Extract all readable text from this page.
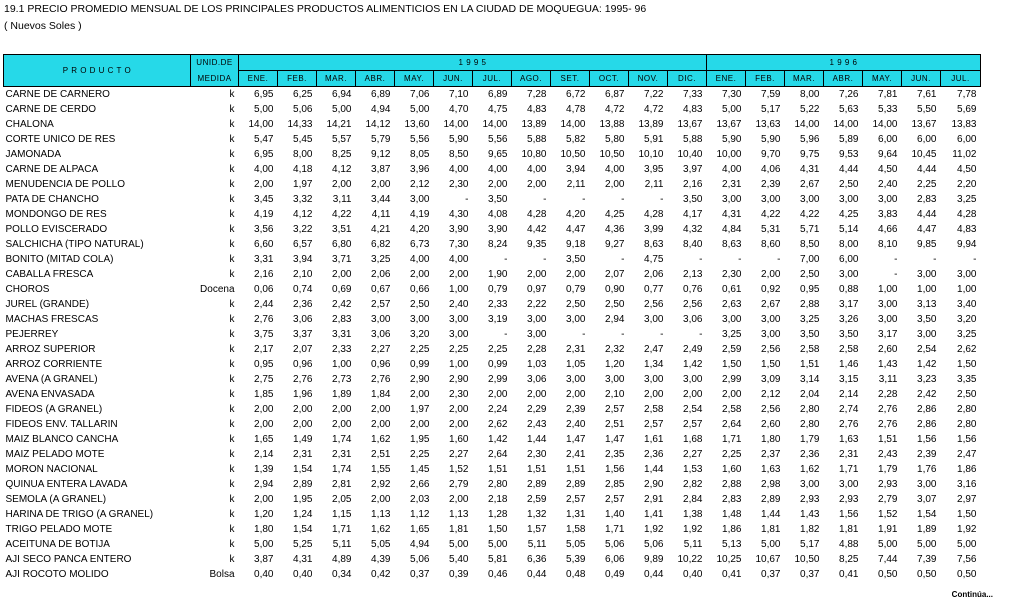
19.1 PRECIO PROMEDIO MENSUAL DE LOS PRINCIPALES PRODUCTOS ALIMENTICIOS EN LA CIUDAD DE MOQUEGUA: 1995- 96
( Nuevos Soles )
P R O D U C T O	UNID.DE	1 9 9 5												1 9 9 6						
	MEDIDA	ENE.	FEB.	MAR.	ABR.	MAY.	JUN.	JUL.	AGO.	SET.	OCT.	NOV.	DIC.	ENE.	FEB.	MAR.	ABR.	MAY.	JUN.	JUL.
CARNE DE CARNERO	k	6,95	6,25	6,94	6,89	7,06	7,10	6,89	7,28	6,72	6,87	7,22	7,33	7,30	7,59	8,00	7,26	7,81	7,61	7,78
CARNE DE CERDO	k	5,00	5,06	5,00	4,94	5,00	4,70	4,75	4,83	4,78	4,72	4,72	4,83	5,00	5,17	5,22	5,63	5,33	5,50	5,69
CHALONA	k	14,00	14,33	14,21	14,12	13,60	14,00	14,00	13,89	14,00	13,88	13,89	13,67	13,67	13,63	14,00	14,00	14,00	13,67	13,83
CORTE UNICO DE RES	k	5,47	5,45	5,57	5,79	5,56	5,90	5,56	5,88	5,82	5,80	5,91	5,88	5,90	5,90	5,96	5,89	6,00	6,00	6,00
JAMONADA	k	6,95	8,00	8,25	9,12	8,05	8,50	9,65	10,80	10,50	10,50	10,10	10,40	10,00	9,70	9,75	9,53	9,64	10,45	11,02
CARNE DE ALPACA	k	4,00	4,18	4,12	3,87	3,96	4,00	4,00	4,00	3,94	4,00	3,95	3,97	4,00	4,06	4,31	4,44	4,50	4,44	4,50
MENUDENCIA DE POLLO	k	2,00	1,97	2,00	2,00	2,12	2,30	2,00	2,00	2,11	2,00	2,11	2,16	2,31	2,39	2,67	2,50	2,40	2,25	2,20
PATA DE CHANCHO	k	3,45	3,32	3,11	3,44	3,00	-	3,50	-	-	-	-	3,50	3,00	3,00	3,00	3,00	3,00	2,83	3,25
MONDONGO DE RES	k	4,19	4,12	4,22	4,11	4,19	4,30	4,08	4,28	4,20	4,25	4,28	4,17	4,31	4,22	4,22	4,25	3,83	4,44	4,28
POLLO EVISCERADO	k	3,56	3,22	3,51	4,21	4,20	3,90	3,90	4,42	4,47	4,36	3,99	4,32	4,84	5,31	5,71	5,14	4,66	4,47	4,83
SALCHICHA (TIPO NATURAL)	k	6,60	6,57	6,80	6,82	6,73	7,30	8,24	9,35	9,18	9,27	8,63	8,40	8,63	8,60	8,50	8,00	8,10	9,85	9,94
BONITO (MITAD COLA)	k	3,31	3,94	3,71	3,25	4,00	4,00	-	-	3,50	-	4,75	-	-	-	7,00	6,00	-	-	-
CABALLA FRESCA	k	2,16	2,10	2,00	2,06	2,00	2,00	1,90	2,00	2,00	2,07	2,06	2,13	2,30	2,00	2,50	3,00	-	3,00	3,00
CHOROS	Docena	0,06	0,74	0,69	0,67	0,66	1,00	0,79	0,97	0,79	0,90	0,77	0,76	0,61	0,92	0,95	0,88	1,00	1,00	1,00
JUREL (GRANDE)	k	2,44	2,36	2,42	2,57	2,50	2,40	2,33	2,22	2,50	2,50	2,56	2,56	2,63	2,67	2,88	3,17	3,00	3,13	3,40
MACHAS FRESCAS	k	2,76	3,06	2,83	3,00	3,00	3,00	3,19	3,00	3,00	2,94	3,00	3,06	3,00	3,00	3,25	3,26	3,00	3,50	3,20
PEJERREY	k	3,75	3,37	3,31	3,06	3,20	3,00	-	3,00	-	-	-	-	3,25	3,00	3,50	3,50	3,17	3,00	3,25
ARROZ SUPERIOR	k	2,17	2,07	2,33	2,27	2,25	2,25	2,25	2,28	2,31	2,32	2,47	2,49	2,59	2,56	2,58	2,58	2,60	2,54	2,62
ARROZ CORRIENTE	k	0,95	0,96	1,00	0,96	0,99	1,00	0,99	1,03	1,05	1,20	1,34	1,42	1,50	1,50	1,51	1,46	1,43	1,42	1,50
AVENA (A GRANEL)	k	2,75	2,76	2,73	2,76	2,90	2,90	2,99	3,06	3,00	3,00	3,00	3,00	2,99	3,09	3,14	3,15	3,11	3,23	3,35
AVENA ENVASADA	k	1,85	1,96	1,89	1,84	2,00	2,30	2,00	2,00	2,00	2,10	2,00	2,00	2,00	2,12	2,04	2,14	2,28	2,42	2,50
FIDEOS (A GRANEL)	k	2,00	2,00	2,00	2,00	1,97	2,00	2,24	2,29	2,39	2,57	2,58	2,54	2,58	2,56	2,80	2,74	2,76	2,86	2,80
FIDEOS ENV. TALLARIN	k	2,00	2,00	2,00	2,00	2,00	2,00	2,62	2,43	2,40	2,51	2,57	2,57	2,64	2,60	2,80	2,76	2,76	2,86	2,80
MAIZ BLANCO CANCHA	k	1,65	1,49	1,74	1,62	1,95	1,60	1,42	1,44	1,47	1,47	1,61	1,68	1,71	1,80	1,79	1,63	1,51	1,56	1,56
MAIZ PELADO MOTE	k	2,14	2,31	2,31	2,51	2,25	2,27	2,64	2,30	2,41	2,35	2,36	2,27	2,25	2,37	2,36	2,31	2,43	2,39	2,47
MORON NACIONAL	k	1,39	1,54	1,74	1,55	1,45	1,52	1,51	1,51	1,51	1,56	1,44	1,53	1,60	1,63	1,62	1,71	1,79	1,76	1,86
QUINUA ENTERA LAVADA	k	2,94	2,89	2,81	2,92	2,66	2,79	2,80	2,89	2,89	2,85	2,90	2,82	2,88	2,98	3,00	3,00	2,93	3,00	3,16
SEMOLA (A GRANEL)	k	2,00	1,95	2,05	2,00	2,03	2,00	2,18	2,59	2,57	2,57	2,91	2,84	2,83	2,89	2,93	2,93	2,79	3,07	2,97
HARINA DE TRIGO (A GRANEL)	k	1,20	1,24	1,15	1,13	1,12	1,13	1,28	1,32	1,31	1,40	1,41	1,38	1,48	1,44	1,43	1,56	1,52	1,54	1,50
TRIGO PELADO MOTE	k	1,80	1,54	1,71	1,62	1,65	1,81	1,50	1,57	1,58	1,71	1,92	1,92	1,86	1,81	1,82	1,81	1,91	1,89	1,92
ACEITUNA DE BOTIJA	k	5,00	5,25	5,11	5,05	4,94	5,00	5,00	5,11	5,05	5,06	5,06	5,11	5,13	5,00	5,17	4,88	5,00	5,00	5,00
AJI SECO PANCA ENTERO	k	3,87	4,31	4,89	4,39	5,06	5,40	5,81	6,36	5,39	6,06	9,89	10,22	10,25	10,67	10,50	8,25	7,44	7,39	7,56
AJI ROCOTO MOLIDO	Bolsa	0,40	0,40	0,34	0,42	0,37	0,39	0,46	0,44	0,48	0,49	0,44	0,40	0,41	0,37	0,37	0,41	0,50	0,50	0,50
Continúa...
